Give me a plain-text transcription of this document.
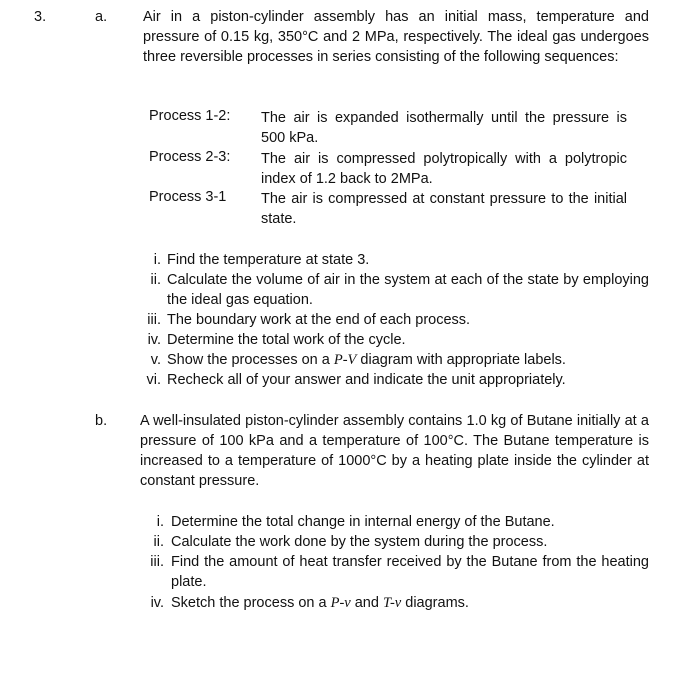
3.	a. Air in a piston-cylinder assembly has an initial mass, temperature and pressure of 0.15 kg, 350°C and 2 MPa, respectively. The ideal gas undergoes three reversible processes in series consisting of the following sequences:
Process 1-2:	The air is expanded isothermally until the pressure is 500 kPa.
Process 2-3:	The air is compressed polytropically with a polytropic index of 1.2 back to 2MPa.
Process 3-1	The air is compressed at constant pressure to the initial state.
i. Find the temperature at state 3.
ii. Calculate the volume of air in the system at each of the state by employing the ideal gas equation.
iii. The boundary work at the end of each process.
iv. Determine the total work of the cycle.
v. Show the processes on a P-V diagram with appropriate labels.
vi. Recheck all of your answer and indicate the unit appropriately.
b. A well-insulated piston-cylinder assembly contains 1.0 kg of Butane initially at a pressure of 100 kPa and a temperature of 100°C. The Butane temperature is increased to a temperature of 1000°C by a heating plate inside the cylinder at constant pressure.
i. Determine the total change in internal energy of the Butane.
ii. Calculate the work done by the system during the process.
iii. Find the amount of heat transfer received by the Butane from the heating plate.
iv. Sketch the process on a P-v and T-v diagrams.
